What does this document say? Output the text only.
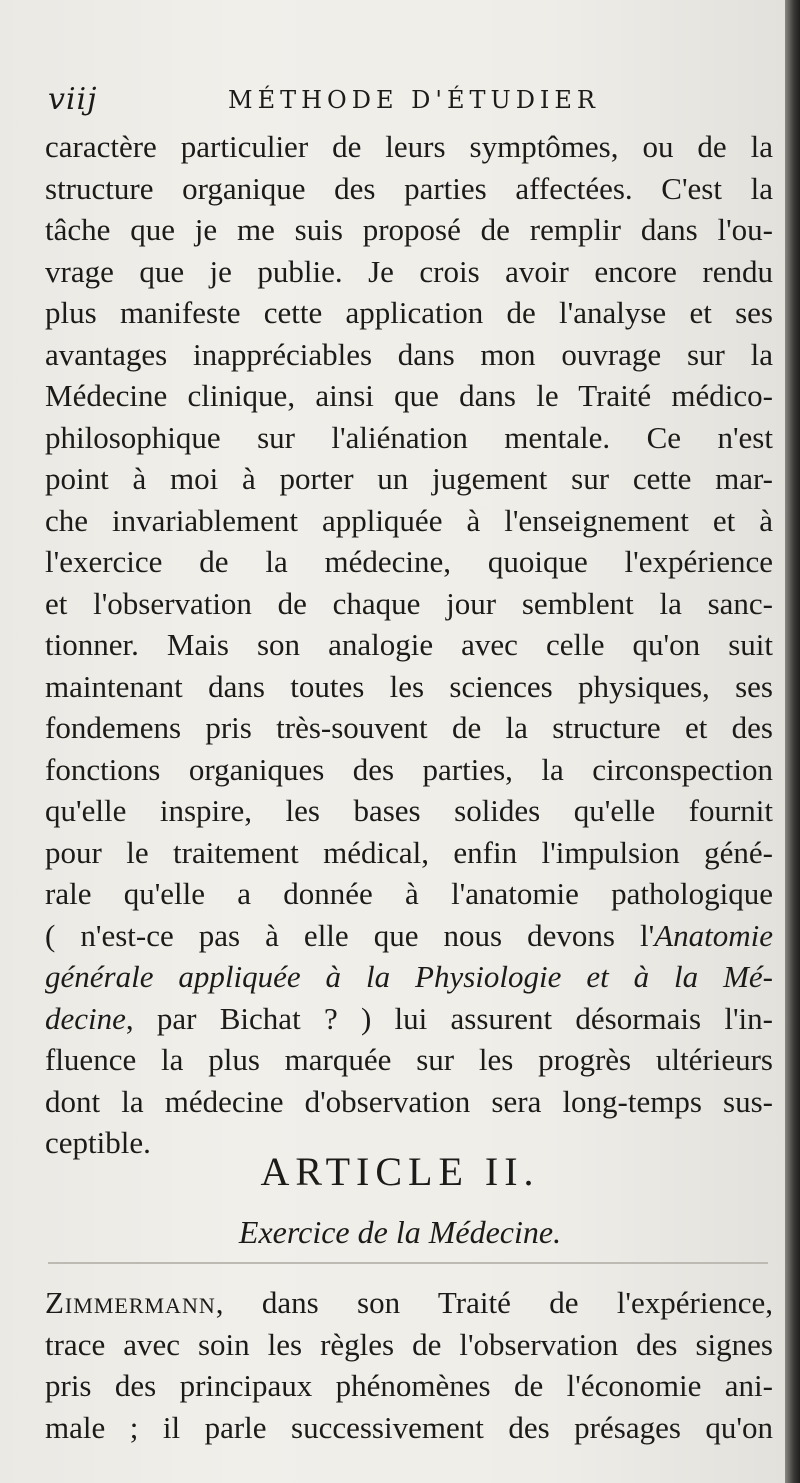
viij	MÉTHODE D'ÉTUDIER
caractère particulier de leurs symptômes, ou de la
structure organique des parties affectées. C'est la
tâche que je me suis proposé de remplir dans l'ou-
vrage que je publie. Je crois avoir encore rendu
plus manifeste cette application de l'analyse et ses
avantages inappréciables dans mon ouvrage sur la
Médecine clinique, ainsi que dans le Traité médico-
philosophique sur l'aliénation mentale. Ce n'est
point à moi à porter un jugement sur cette mar-
che invariablement appliquée à l'enseignement et à
l'exercice de la médecine, quoique l'expérience
et l'observation de chaque jour semblent la sanc-
tionner. Mais son analogie avec celle qu'on suit
maintenant dans toutes les sciences physiques, ses
fondemens pris très-souvent de la structure et des
fonctions organiques des parties, la circonspection
qu'elle inspire, les bases solides qu'elle fournit
pour le traitement médical, enfin l'impulsion géné-
rale qu'elle a donnée à l'anatomie pathologique
( n'est-ce pas à elle que nous devons l'Anatomie
générale appliquée à la Physiologie et à la Mé-
decine, par Bichat ? ) lui assurent désormais l'in-
fluence la plus marquée sur les progrès ultérieurs
dont la médecine d'observation sera long-temps sus-
ceptible.
ARTICLE II.
Exercice de la Médecine.
Zimmermann, dans son Traité de l'expérience,
trace avec soin les règles de l'observation des signes
pris des principaux phénomènes de l'économie ani-
male ; il parle successivement des présages qu'on
